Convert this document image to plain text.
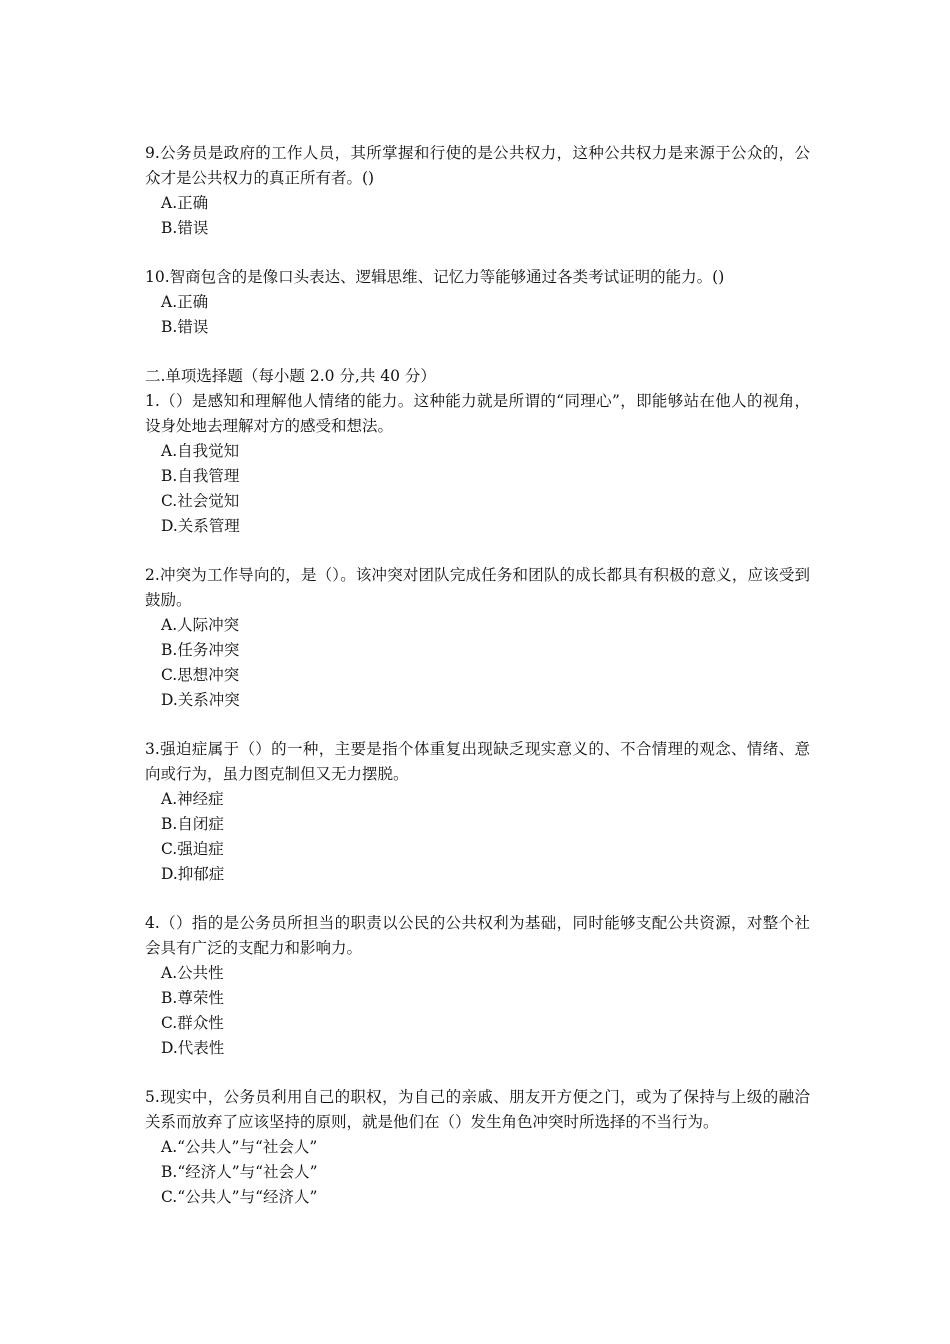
9.公务员是政府的工作人员，其所掌握和行使的是公共权力，这种公共权力是来源于公众的，公众才是公共权力的真正所有者。()

A.正确

B.错误

10.智商包含的是像口头表达、逻辑思维、记忆力等能够通过各类考试证明的能力。()

A.正确

B.错误

二.单项选择题（每小题 2.0 分,共 40 分）

1.（）是感知和理解他人情绪的能力。这种能力就是所谓的“同理心”，即能够站在他人的视角，设身处地去理解对方的感受和想法。

A.自我觉知

B.自我管理

C.社会觉知

D.关系管理

2.冲突为工作导向的，是（）。该冲突对团队完成任务和团队的成长都具有积极的意义，应该受到鼓励。

A.人际冲突

B.任务冲突

C.思想冲突

D.关系冲突

3.强迫症属于（）的一种，主要是指个体重复出现缺乏现实意义的、不合情理的观念、情绪、意向或行为，虽力图克制但又无力摆脱。

A.神经症

B.自闭症

C.强迫症

D.抑郁症

4.（）指的是公务员所担当的职责以公民的公共权利为基础，同时能够支配公共资源，对整个社会具有广泛的支配力和影响力。

A.公共性

B.尊荣性

C.群众性

D.代表性

5.现实中，公务员利用自己的职权，为自己的亲戚、朋友开方便之门，或为了保持与上级的融洽关系而放弃了应该坚持的原则，就是他们在（）发生角色冲突时所选择的不当行为。

A.“公共人”与“社会人”

B.“经济人”与“社会人”

C.“公共人”与“经济人”
